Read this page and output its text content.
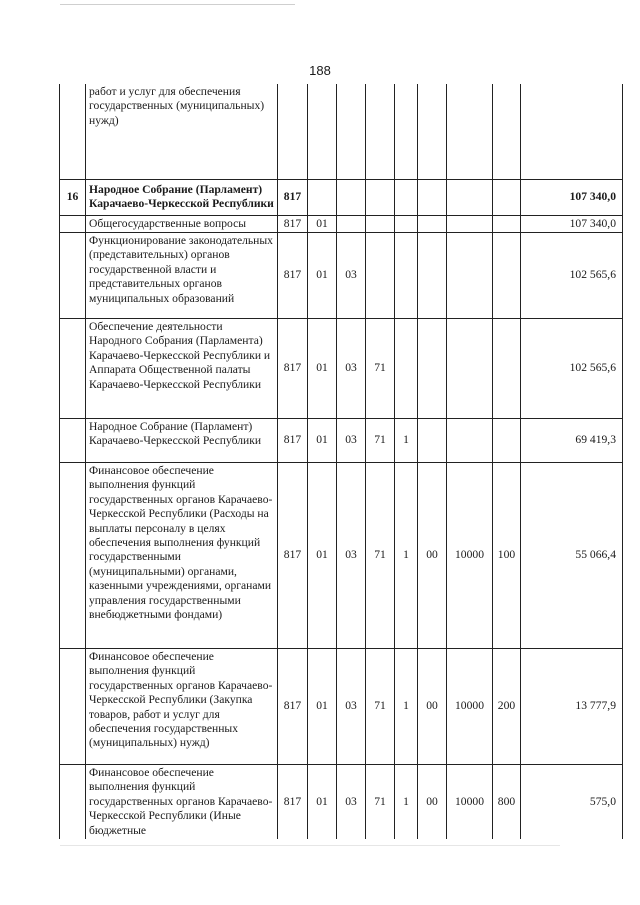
188
	работ и услуг для обеспечения государственных (муниципальных) нужд)									
16	Народное Собрание (Парламент) Карачаево-Черкесской Республики	817								107 340,0
	Общегосударственные вопросы	817	01							107 340,0
	Функционирование законодательных (представительных) органов государственной власти и представительных органов муниципальных образований	817	01	03						102 565,6
	Обеспечение деятельности Народного Собрания (Парламента) Карачаево-Черкесской Республики и Аппарата Общественной палаты Карачаево-Черкесской Республики	817	01	03	71					102 565,6
	Народное Собрание (Парламент) Карачаево-Черкесской Республики	817	01	03	71	1				69 419,3
	Финансовое обеспечение выполнения функций государственных органов Карачаево-Черкесской Республики (Расходы на выплаты персоналу в целях обеспечения выполнения функций государственными (муниципальными) органами, казенными учреждениями, органами управления государственными внебюджетными фондами)	817	01	03	71	1	00	10000	100	55 066,4
	Финансовое обеспечение выполнения функций государственных органов Карачаево-Черкесской Республики (Закупка товаров, работ и услуг для обеспечения государственных (муниципальных) нужд)	817	01	03	71	1	00	10000	200	13 777,9
	Финансовое обеспечение выполнения функций государственных органов Карачаево-Черкесской Республики (Иные бюджетные	817	01	03	71	1	00	10000	800	575,0
